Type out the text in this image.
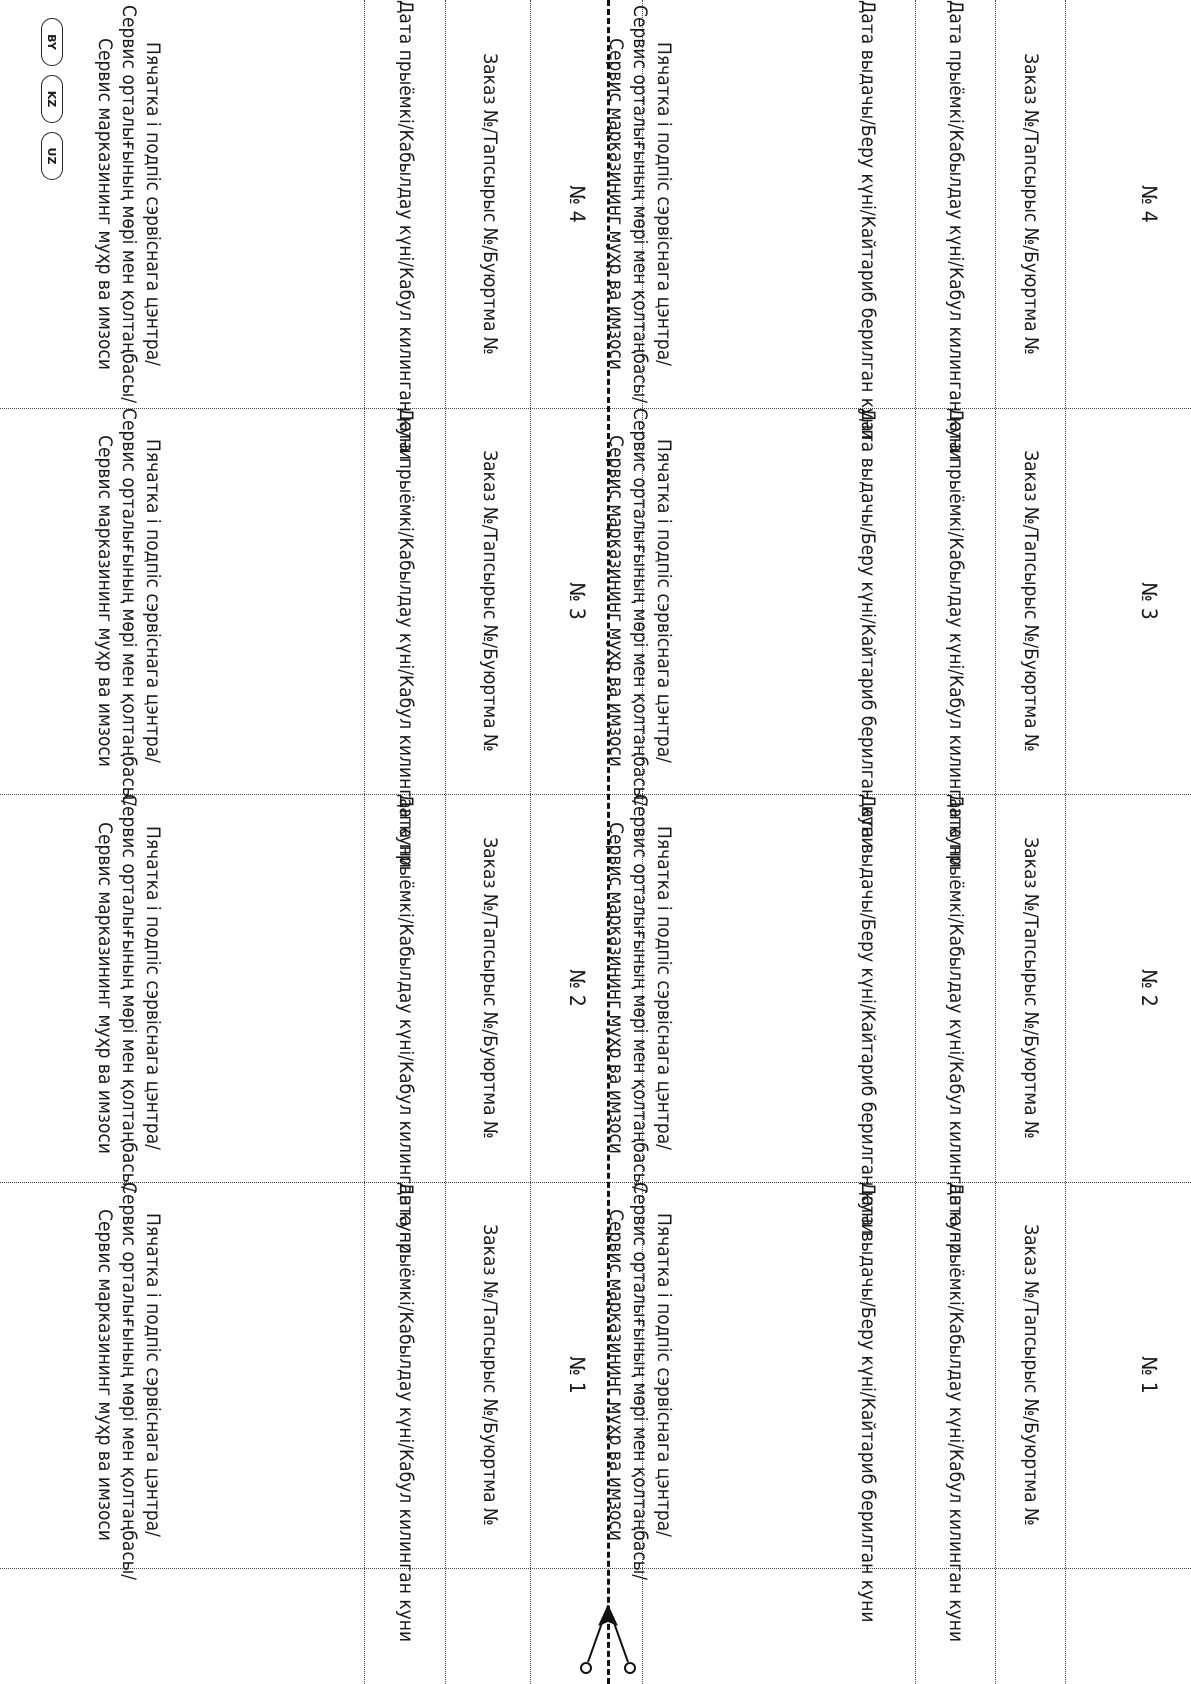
№ 4
Заказ №/Тапсырыс №/Буюртма №
Дата прыёмкі/Кабылдау күні/Кабул килинган куни
Дата выдачы/Беру күні/Кайтариб берилган куни
Пячатка і подпіс сэрвіснага цэнтра/
Сервис орталығының мөрі мен қолтаңбасы/
Сервис марказининг муҳр ва имзоси
№ 3
Заказ №/Тапсырыс №/Буюртма №
Дата прыёмкі/Кабылдау күні/Кабул килинган куни
Дата выдачы/Беру күні/Кайтариб берилган куни
Пячатка і подпіс сэрвіснага цэнтра/
Сервис орталығының мөрі мен қолтаңбасы/
Сервис марказининг муҳр ва имзоси
№ 2
Заказ №/Тапсырыс №/Буюртма №
Дата прыёмкі/Кабылдау күні/Кабул килинган куни
Дата выдачы/Беру күні/Кайтариб берилган куни
Пячатка і подпіс сэрвіснага цэнтра/
Сервис орталығының мөрі мен қолтаңбасы/
Сервис марказининг муҳр ва имзоси
№ 1
Заказ №/Тапсырыс №/Буюртма №
Дата прыёмкі/Кабылдау күні/Кабул килинган куни
Дата выдачы/Беру күні/Кайтариб берилган куни
Пячатка і подпіс сэрвіснага цэнтра/
Сервис орталығының мөрі мен қолтаңбасы/
Сервис марказининг муҳр ва имзоси
№ 4
Заказ №/Тапсырыс №/Буюртма №
Дата прыёмкі/Кабылдау күні/Кабул килинган куни
Пячатка і подпіс сэрвіснага цэнтра/
Сервис орталығының мөрі мен қолтаңбасы/
Сервис марказининг муҳр ва имзоси
№ 3
Заказ №/Тапсырыс №/Буюртма №
Дата прыёмкі/Кабылдау күні/Кабул килинган куни
Пячатка і подпіс сэрвіснага цэнтра/
Сервис орталығының мөрі мен қолтаңбасы/
Сервис марказининг муҳр ва имзоси
№ 2
Заказ №/Тапсырыс №/Буюртма №
Дата прыёмкі/Кабылдау күні/Кабул килинган куни
Пячатка і подпіс сэрвіснага цэнтра/
Сервис орталығының мөрі мен қолтаңбасы/
Сервис марказининг муҳр ва имзоси
№ 1
Заказ №/Тапсырыс №/Буюртма №
Дата прыёмкі/Кабылдау күні/Кабул килинган куни
Пячатка і подпіс сэрвіснага цэнтра/
Сервис орталығының мөрі мен қолтаңбасы/
Сервис марказининг муҳр ва имзоси
BY
KZ
UZ
